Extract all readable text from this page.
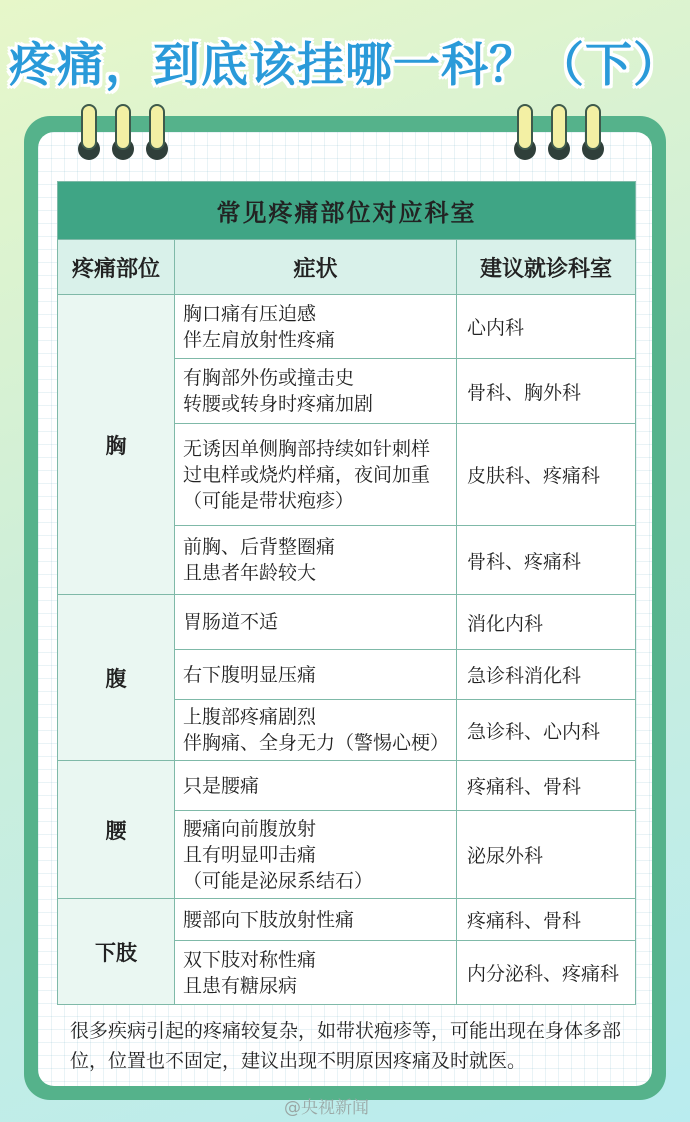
疼痛，到底该挂哪一科？（下）
常见疼痛部位对应科室		
疼痛部位	症状	建议就诊科室
胸	胸口痛有压迫感
伴左肩放射性疼痛	心内科

	有胸部外伤或撞击史
转腰或转身时疼痛加剧	骨科、胸外科

	无诱因单侧胸部持续如针刺样
过电样或烧灼样痛，夜间加重
（可能是带状疱疹）	皮肤科、疼痛科

	前胸、后背整圈痛
且患者年龄较大	骨科、疼痛科
腹	胃肠道不适	消化内科

	右下腹明显压痛	急诊科消化科

	上腹部疼痛剧烈
伴胸痛、全身无力（警惕心梗）	急诊科、心内科
腰	只是腰痛	疼痛科、骨科

	腰痛向前腹放射
且有明显叩击痛
（可能是泌尿系结石）	泌尿外科
下肢	腰部向下肢放射性痛	疼痛科、骨科

	双下肢对称性痛
且患有糖尿病	内分泌科、疼痛科
很多疾病引起的疼痛较复杂，如带状疱疹等，可能出现在身体多部位，位置也不固定，建议出现不明原因疼痛及时就医。
@央视新闻
